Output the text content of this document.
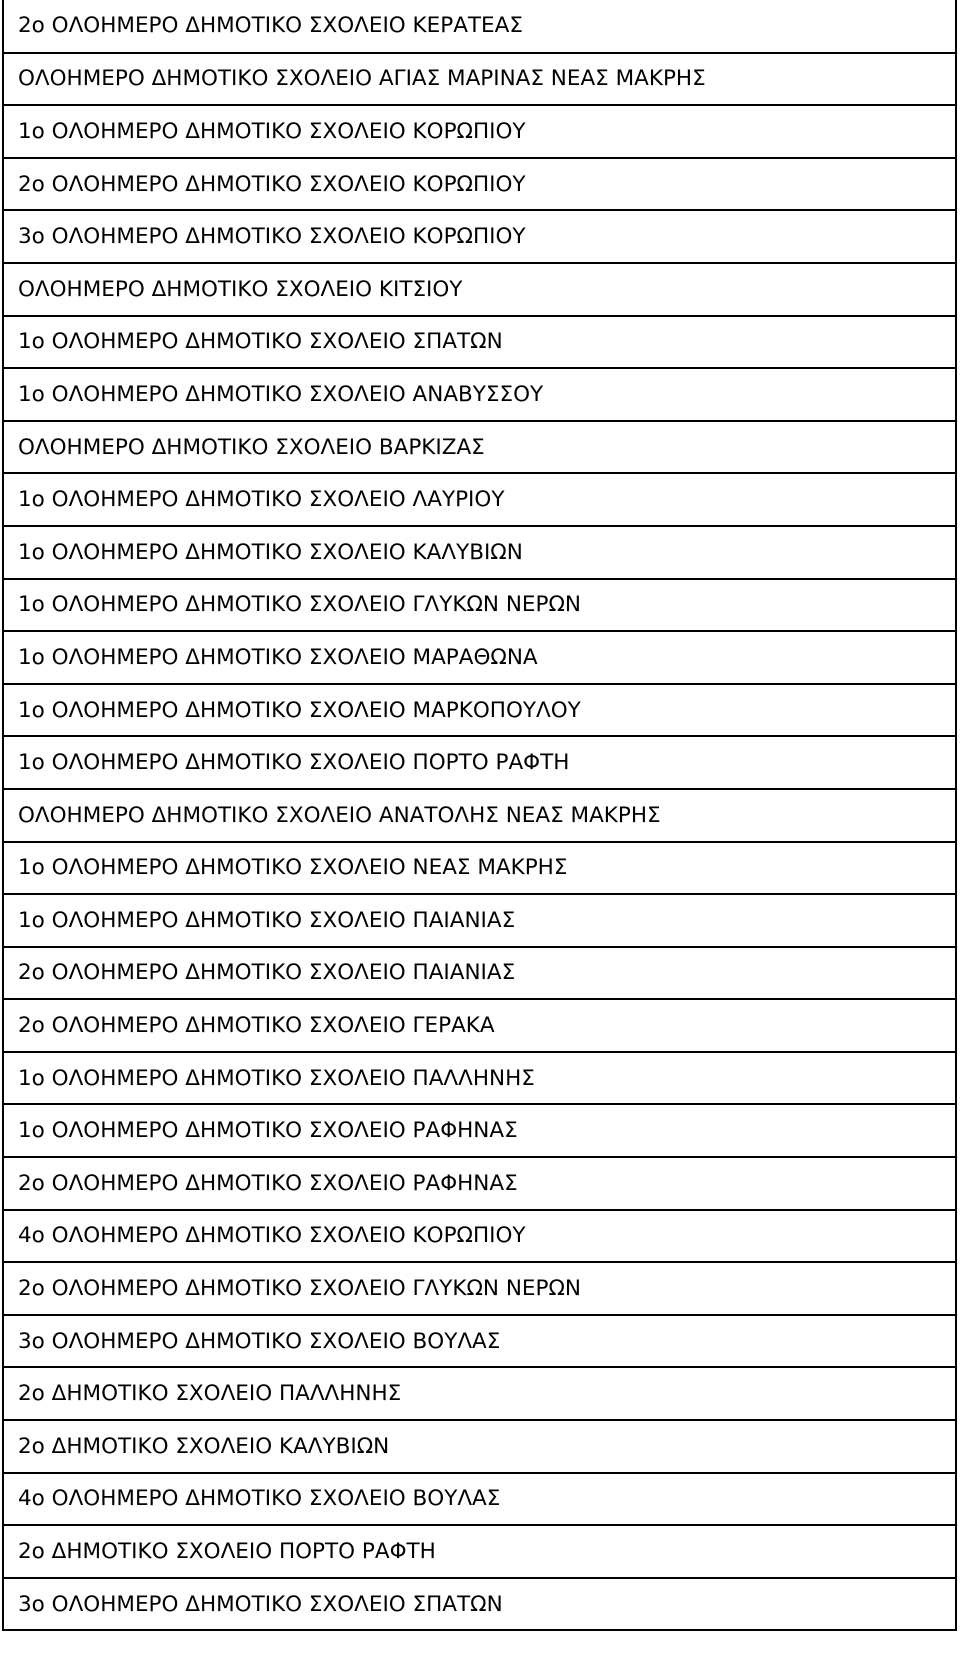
2ο ΟΛΟΗΜΕΡΟ ΔΗΜΟΤΙΚΟ ΣΧΟΛΕΙΟ ΚΕΡΑΤΕΑΣ
ΟΛΟΗΜΕΡΟ ΔΗΜΟΤΙΚΟ ΣΧΟΛΕΙΟ ΑΓΙΑΣ ΜΑΡΙΝΑΣ ΝΕΑΣ ΜΑΚΡΗΣ
1ο ΟΛΟΗΜΕΡΟ ΔΗΜΟΤΙΚΟ ΣΧΟΛΕΙΟ ΚΟΡΩΠΙΟΥ
2ο ΟΛΟΗΜΕΡΟ ΔΗΜΟΤΙΚΟ ΣΧΟΛΕΙΟ ΚΟΡΩΠΙΟΥ
3ο ΟΛΟΗΜΕΡΟ ΔΗΜΟΤΙΚΟ ΣΧΟΛΕΙΟ ΚΟΡΩΠΙΟΥ
ΟΛΟΗΜΕΡΟ ΔΗΜΟΤΙΚΟ ΣΧΟΛΕΙΟ ΚΙΤΣΙΟΥ
1ο ΟΛΟΗΜΕΡΟ ΔΗΜΟΤΙΚΟ ΣΧΟΛΕΙΟ ΣΠΑΤΩΝ
1ο ΟΛΟΗΜΕΡΟ ΔΗΜΟΤΙΚΟ ΣΧΟΛΕΙΟ ΑΝΑΒΥΣΣΟΥ
ΟΛΟΗΜΕΡΟ ΔΗΜΟΤΙΚΟ ΣΧΟΛΕΙΟ ΒΑΡΚΙΖΑΣ
1ο ΟΛΟΗΜΕΡΟ ΔΗΜΟΤΙΚΟ ΣΧΟΛΕΙΟ ΛΑΥΡΙΟΥ
1ο ΟΛΟΗΜΕΡΟ ΔΗΜΟΤΙΚΟ ΣΧΟΛΕΙΟ ΚΑΛΥΒΙΩΝ
1ο ΟΛΟΗΜΕΡΟ ΔΗΜΟΤΙΚΟ ΣΧΟΛΕΙΟ ΓΛΥΚΩΝ ΝΕΡΩΝ
1ο ΟΛΟΗΜΕΡΟ ΔΗΜΟΤΙΚΟ ΣΧΟΛΕΙΟ ΜΑΡΑΘΩΝΑ
1ο ΟΛΟΗΜΕΡΟ ΔΗΜΟΤΙΚΟ ΣΧΟΛΕΙΟ ΜΑΡΚΟΠΟΥΛΟΥ
1ο ΟΛΟΗΜΕΡΟ ΔΗΜΟΤΙΚΟ ΣΧΟΛΕΙΟ ΠΟΡΤΟ ΡΑΦΤΗ
ΟΛΟΗΜΕΡΟ ΔΗΜΟΤΙΚΟ ΣΧΟΛΕΙΟ ΑΝΑΤΟΛΗΣ ΝΕΑΣ ΜΑΚΡΗΣ
1ο ΟΛΟΗΜΕΡΟ ΔΗΜΟΤΙΚΟ ΣΧΟΛΕΙΟ ΝΕΑΣ ΜΑΚΡΗΣ
1ο ΟΛΟΗΜΕΡΟ ΔΗΜΟΤΙΚΟ ΣΧΟΛΕΙΟ ΠΑΙΑΝΙΑΣ
2ο ΟΛΟΗΜΕΡΟ ΔΗΜΟΤΙΚΟ ΣΧΟΛΕΙΟ ΠΑΙΑΝΙΑΣ
2ο ΟΛΟΗΜΕΡΟ ΔΗΜΟΤΙΚΟ ΣΧΟΛΕΙΟ ΓΕΡΑΚΑ
1ο ΟΛΟΗΜΕΡΟ ΔΗΜΟΤΙΚΟ ΣΧΟΛΕΙΟ ΠΑΛΛΗΝΗΣ
1ο ΟΛΟΗΜΕΡΟ ΔΗΜΟΤΙΚΟ ΣΧΟΛΕΙΟ ΡΑΦΗΝΑΣ
2ο ΟΛΟΗΜΕΡΟ ΔΗΜΟΤΙΚΟ ΣΧΟΛΕΙΟ ΡΑΦΗΝΑΣ
4ο ΟΛΟΗΜΕΡΟ ΔΗΜΟΤΙΚΟ ΣΧΟΛΕΙΟ ΚΟΡΩΠΙΟΥ
2ο ΟΛΟΗΜΕΡΟ ΔΗΜΟΤΙΚΟ ΣΧΟΛΕΙΟ ΓΛΥΚΩΝ ΝΕΡΩΝ
3ο ΟΛΟΗΜΕΡΟ ΔΗΜΟΤΙΚΟ ΣΧΟΛΕΙΟ ΒΟΥΛΑΣ
2ο ΔΗΜΟΤΙΚΟ ΣΧΟΛΕΙΟ ΠΑΛΛΗΝΗΣ
2ο ΔΗΜΟΤΙΚΟ ΣΧΟΛΕΙΟ ΚΑΛΥΒΙΩΝ
4ο ΟΛΟΗΜΕΡΟ ΔΗΜΟΤΙΚΟ ΣΧΟΛΕΙΟ ΒΟΥΛΑΣ
2ο ΔΗΜΟΤΙΚΟ ΣΧΟΛΕΙΟ ΠΟΡΤΟ ΡΑΦΤΗ
3ο ΟΛΟΗΜΕΡΟ ΔΗΜΟΤΙΚΟ ΣΧΟΛΕΙΟ ΣΠΑΤΩΝ
